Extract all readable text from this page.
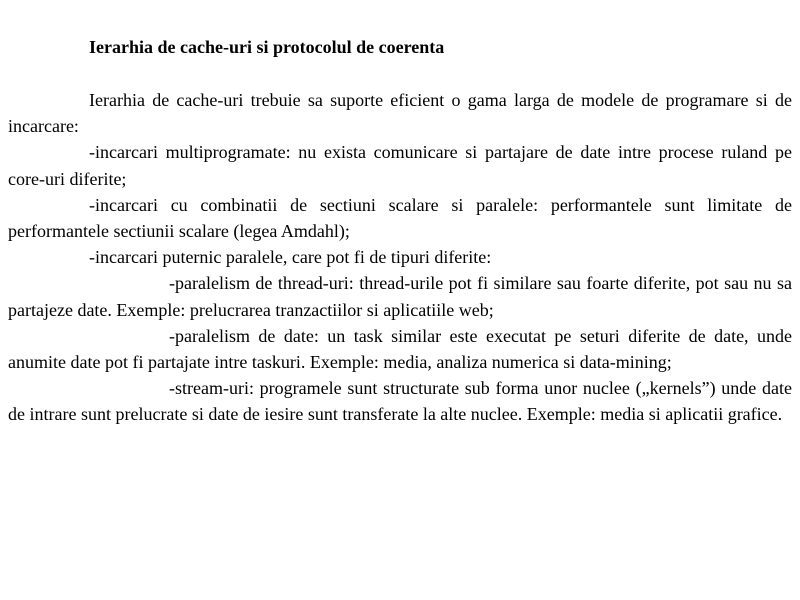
Ierarhia de cache-uri si protocolul de coerenta

Ierarhia de cache-uri trebuie sa suporte eficient o gama larga de modele de programare si de incarcare:

-incarcari multiprogramate: nu exista comunicare si partajare de date intre procese ruland pe core-uri diferite;

-incarcari cu combinatii de sectiuni scalare si paralele: performantele sunt limitate de performantele sectiunii scalare (legea Amdahl);

-incarcari puternic paralele, care pot fi de tipuri diferite:

-paralelism de thread-uri: thread-urile pot fi similare sau foarte diferite, pot sau nu sa partajeze date. Exemple: prelucrarea tranzactiilor si aplicatiile web;

-paralelism de date: un task similar este executat pe seturi diferite de date, unde anumite date pot fi partajate intre taskuri. Exemple: media, analiza numerica si data-mining;

-stream-uri: programele sunt structurate sub forma unor nuclee („kernels”) unde date de intrare sunt prelucrate si date de iesire sunt transferate la alte nuclee. Exemple: media si aplicatii grafice.
